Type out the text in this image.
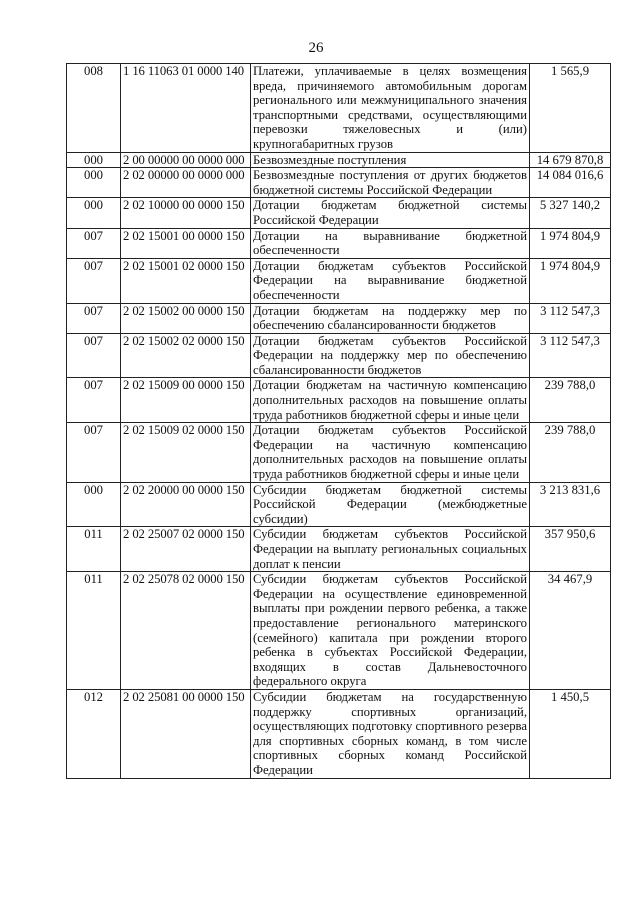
26
008	1 16 11063 01 0000 140	Платежи, уплачиваемые в целях возмещения вреда, причиняемого автомобильным дорогам регионального или межмуниципального значения транспортными средствами, осуществляющими перевозки тяжеловесных и (или) крупногабаритных грузов	1 565,9
000	2 00 00000 00 0000 000	Безвозмездные поступления	14 679 870,8
000	2 02 00000 00 0000 000	Безвозмездные поступления от других бюджетов бюджетной системы Российской Федерации	14 084 016,6
000	2 02 10000 00 0000 150	Дотации бюджетам бюджетной системы Российской Федерации	5 327 140,2
007	2 02 15001 00 0000 150	Дотации на выравнивание бюджетной обеспеченности	1 974 804,9
007	2 02 15001 02 0000 150	Дотации бюджетам субъектов Российской Федерации на выравнивание бюджетной обеспеченности	1 974 804,9
007	2 02 15002 00 0000 150	Дотации бюджетам на поддержку мер по обеспечению сбалансированности бюджетов	3 112 547,3
007	2 02 15002 02 0000 150	Дотации бюджетам субъектов Российской Федерации на поддержку мер по обеспечению сбалансированности бюджетов	3 112 547,3
007	2 02 15009 00 0000 150	Дотации бюджетам на частичную компенсацию дополнительных расходов на повышение оплаты труда работников бюджетной сферы и иные цели	239 788,0
007	2 02 15009 02 0000 150	Дотации бюджетам субъектов Российской Федерации на частичную компенсацию дополнительных расходов на повышение оплаты труда работников бюджетной сферы и иные цели	239 788,0
000	2 02 20000 00 0000 150	Субсидии бюджетам бюджетной системы Российской Федерации (межбюджетные субсидии)	3 213 831,6
011	2 02 25007 02 0000 150	Субсидии бюджетам субъектов Российской Федерации на выплату региональных социальных доплат к пенсии	357 950,6
011	2 02 25078 02 0000 150	Субсидии бюджетам субъектов Российской Федерации на осуществление единовременной выплаты при рождении первого ребенка, а также предоставление регионального материнского (семейного) капитала при рождении второго ребенка в субъектах Российской Федерации, входящих в состав Дальневосточного федерального округа	34 467,9
012	2 02 25081 00 0000 150	Субсидии бюджетам на государственную поддержку спортивных организаций, осуществляющих подготовку спортивного резерва для спортивных сборных команд, в том числе спортивных сборных команд Российской Федерации	1 450,5
